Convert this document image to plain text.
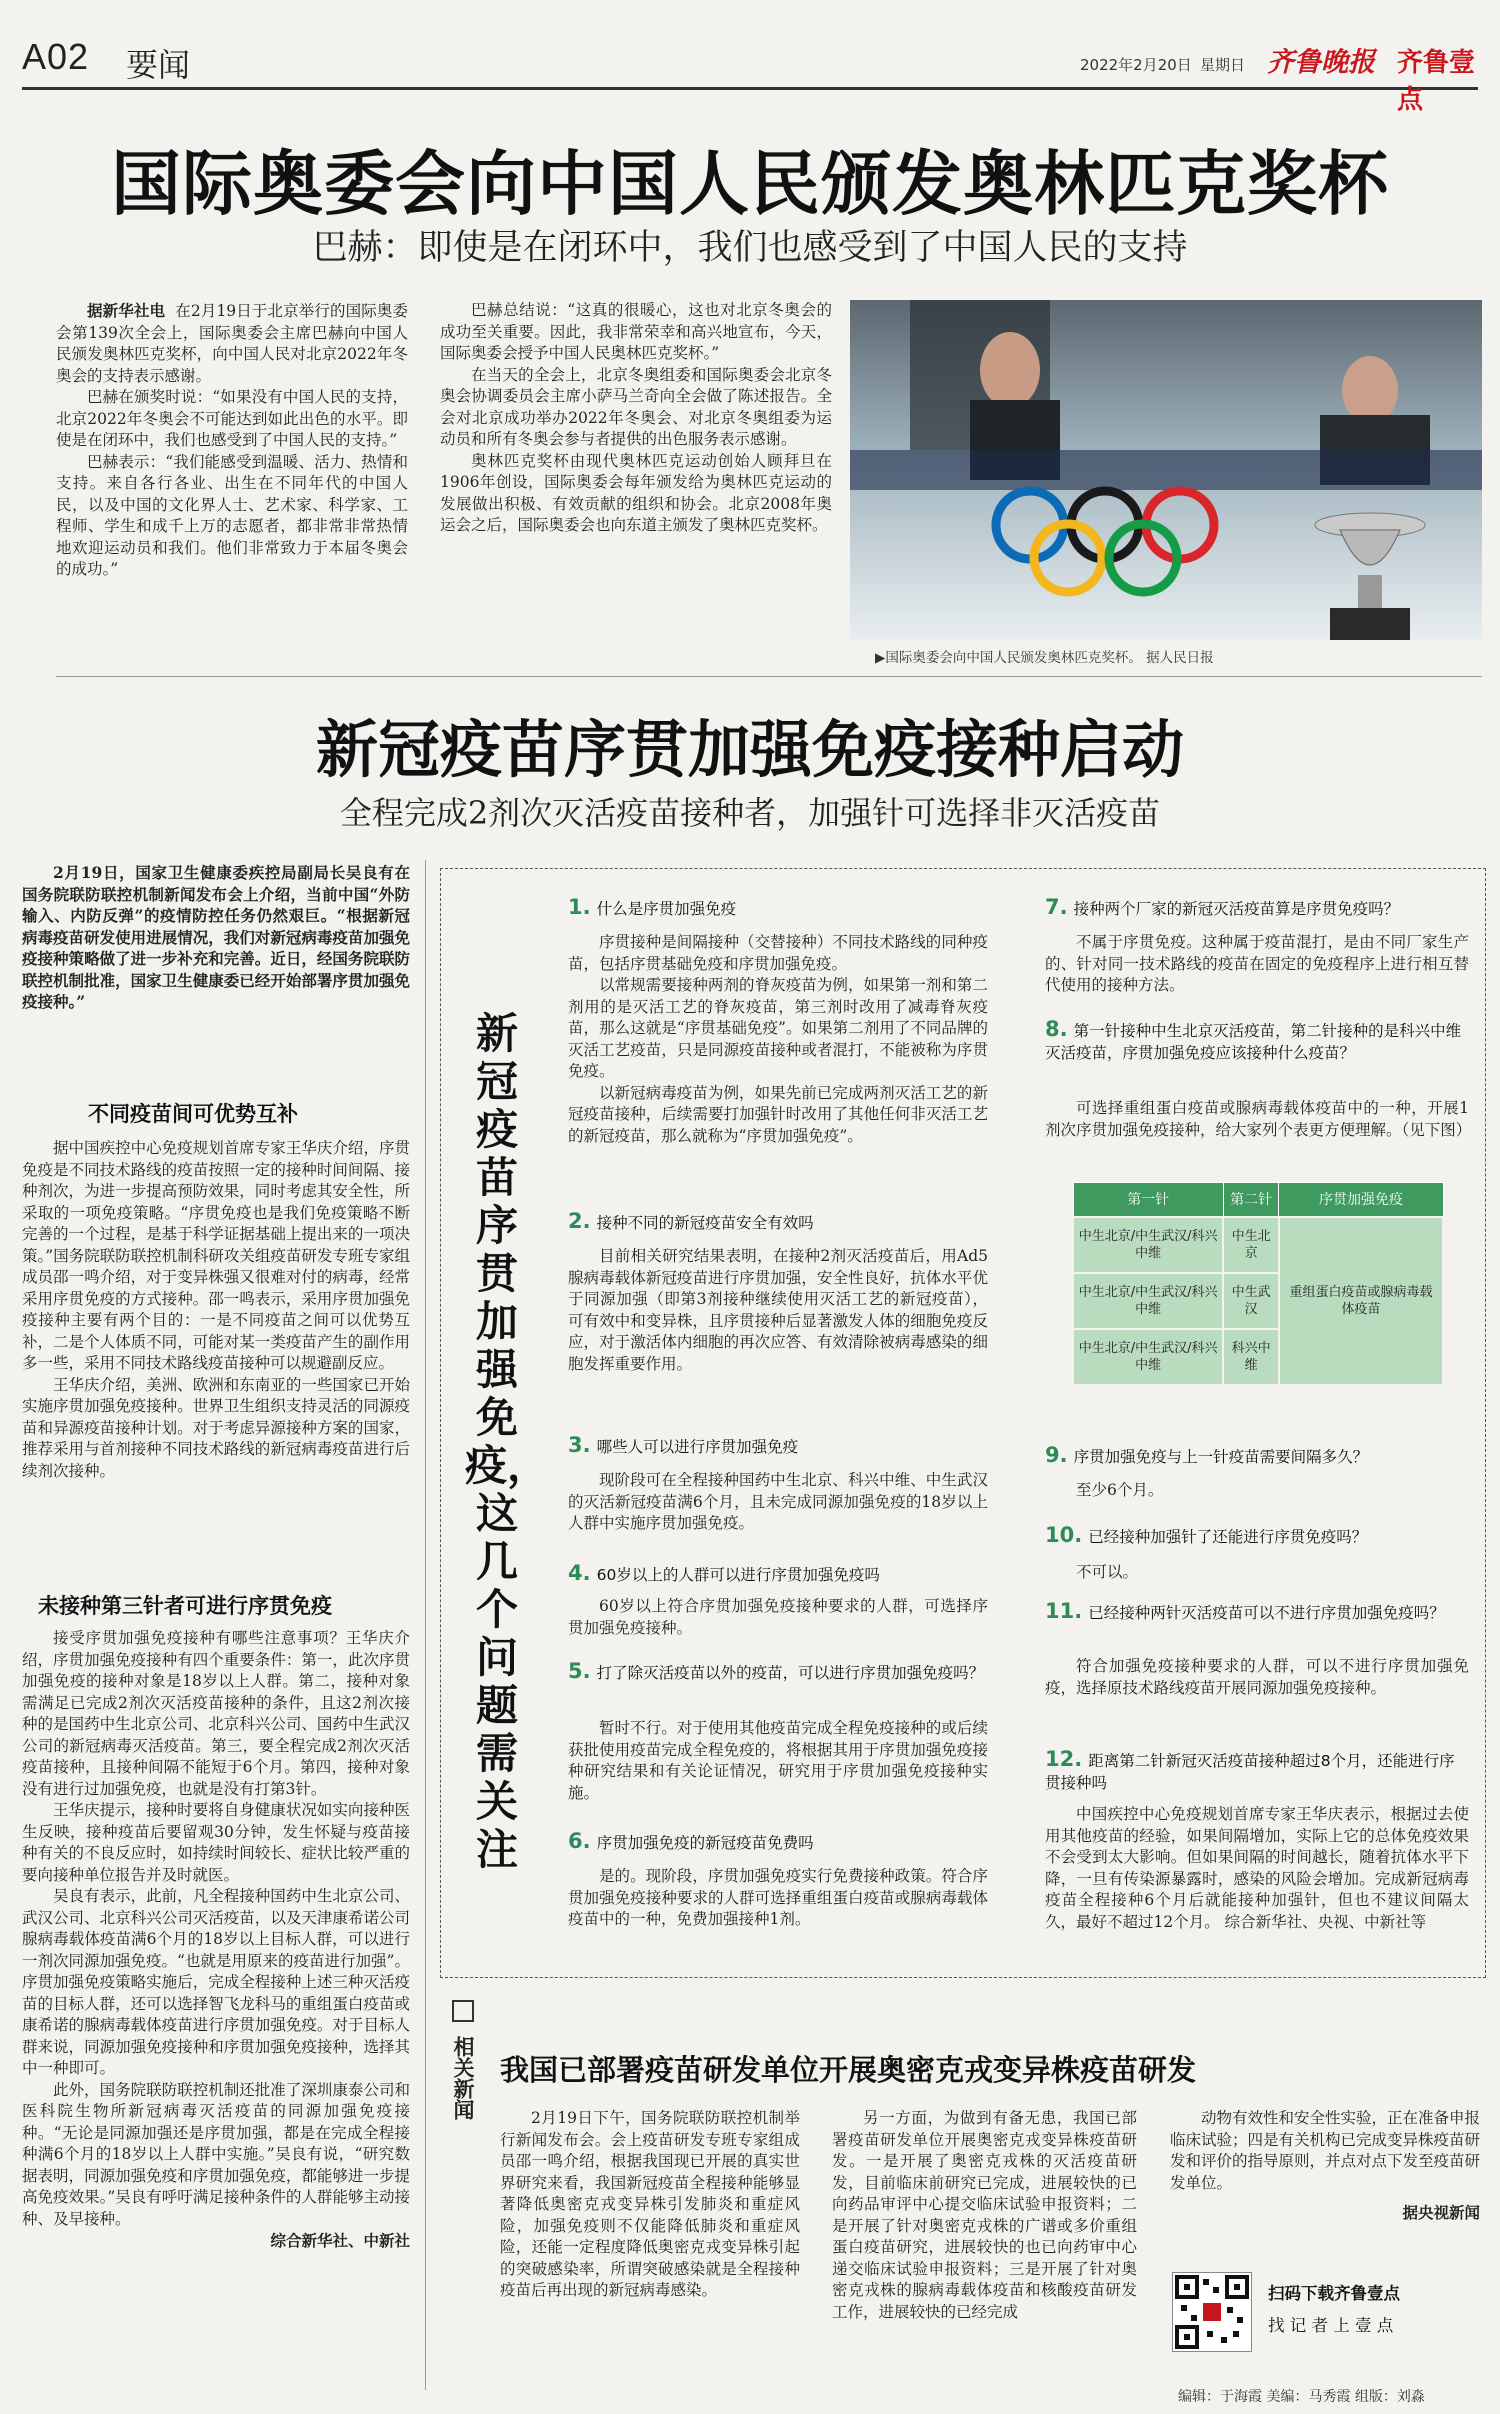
A02 要闻	2022年2月20日 星期日 齐鲁晚报 齐鲁壹点
国际奥委会向中国人民颁发奥林匹克奖杯
巴赫：即使是在闭环中，我们也感受到了中国人民的支持

据新华社电 在2月19日于北京举行的国际奥委会第139次全会上，国际奥委会主席巴赫向中国人民颁发奥林匹克奖杯，向中国人民对北京2022年冬奥会的支持表示感谢。

巴赫在颁奖时说：“如果没有中国人民的支持，北京2022年冬奥会不可能达到如此出色的水平。即使是在闭环中，我们也感受到了中国人民的支持。”

巴赫表示：“我们能感受到温暖、活力、热情和支持。来自各行各业、出生在不同年代的中国人民，以及中国的文化界人士、艺术家、科学家、工程师、学生和成千上万的志愿者，都非常非常热情地欢迎运动员和我们。他们非常致力于本届冬奥会的成功。”

巴赫总结说：“这真的很暖心，这也对北京冬奥会的成功至关重要。因此，我非常荣幸和高兴地宣布，今天，国际奥委会授予中国人民奥林匹克奖杯。”

在当天的全会上，北京冬奥组委和国际奥委会北京冬奥会协调委员会主席小萨马兰奇向全会做了陈述报告。全会对北京成功举办2022年冬奥会、对北京冬奥组委为运动员和所有冬奥会参与者提供的出色服务表示感谢。

奥林匹克奖杯由现代奥林匹克运动创始人顾拜旦在1906年创设，国际奥委会每年颁发给为奥林匹克运动的发展做出积极、有效贡献的组织和协会。北京2008年奥运会之后，国际奥委会也向东道主颁发了奥林匹克奖杯。

▶国际奥委会向中国人民颁发奥林匹克奖杯。 据人民日报
新冠疫苗序贯加强免疫接种启动
全程完成2剂次灭活疫苗接种者，加强针可选择非灭活疫苗

2月19日，国家卫生健康委疾控局副局长吴良有在国务院联防联控机制新闻发布会上介绍，当前中国“外防输入、内防反弹”的疫情防控任务仍然艰巨。“根据新冠病毒疫苗研发使用进展情况，我们对新冠病毒疫苗加强免疫接种策略做了进一步补充和完善。近日，经国务院联防联控机制批准，国家卫生健康委已经开始部署序贯加强免疫接种。”

不同疫苗间可优势互补

据中国疾控中心免疫规划首席专家王华庆介绍，序贯免疫是不同技术路线的疫苗按照一定的接种时间间隔、接种剂次，为进一步提高预防效果，同时考虑其安全性，所采取的一项免疫策略。“序贯免疫也是我们免疫策略不断完善的一个过程，是基于科学证据基础上提出来的一项决策。”国务院联防联控机制科研攻关组疫苗研发专班专家组成员邵一鸣介绍，对于变异株强又很难对付的病毒，经常采用序贯免疫的方式接种。邵一鸣表示，采用序贯加强免疫接种主要有两个目的：一是不同疫苗之间可以优势互补，二是个人体质不同，可能对某一类疫苗产生的副作用多一些，采用不同技术路线疫苗接种可以规避副反应。

王华庆介绍，美洲、欧洲和东南亚的一些国家已开始实施序贯加强免疫接种。世界卫生组织支持灵活的同源疫苗和异源疫苗接种计划。对于考虑异源接种方案的国家，推荐采用与首剂接种不同技术路线的新冠病毒疫苗进行后续剂次接种。

未接种第三针者可进行序贯免疫

接受序贯加强免疫接种有哪些注意事项？王华庆介绍，序贯加强免疫接种有四个重要条件：第一，此次序贯加强免疫的接种对象是18岁以上人群。第二，接种对象需满足已完成2剂次灭活疫苗接种的条件，且这2剂次接种的是国药中生北京公司、北京科兴公司、国药中生武汉公司的新冠病毒灭活疫苗。第三，要全程完成2剂次灭活疫苗接种，且接种间隔不能短于6个月。第四，接种对象没有进行过加强免疫，也就是没有打第3针。

王华庆提示，接种时要将自身健康状况如实向接种医生反映，接种疫苗后要留观30分钟，发生怀疑与疫苗接种有关的不良反应时，如持续时间较长、症状比较严重的要向接种单位报告并及时就医。

吴良有表示，此前，凡全程接种国药中生北京公司、武汉公司、北京科兴公司灭活疫苗，以及天津康希诺公司腺病毒载体疫苗满6个月的18岁以上目标人群，可以进行一剂次同源加强免疫。“也就是用原来的疫苗进行加强”。序贯加强免疫策略实施后，完成全程接种上述三种灭活疫苗的目标人群，还可以选择智飞龙科马的重组蛋白疫苗或康希诺的腺病毒载体疫苗进行序贯加强免疫。对于目标人群来说，同源加强免疫接种和序贯加强免疫接种，选择其中一种即可。

此外，国务院联防联控机制还批准了深圳康泰公司和医科院生物所新冠病毒灭活疫苗的同源加强免疫接种。“无论是同源加强还是序贯加强，都是在完成全程接种满6个月的18岁以上人群中实施。”吴良有说，“研究数据表明，同源加强免疫和序贯加强免疫，都能够进一步提高免疫效果。”吴良有呼吁满足接种条件的人群能够主动接种、及早接种。

综合新华社、中新社

新冠疫苗序贯加强免疫，这几个问题需关注
1. 什么是序贯加强免疫

序贯接种是间隔接种（交替接种）不同技术路线的同种疫苗，包括序贯基础免疫和序贯加强免疫。

以常规需要接种两剂的脊灰疫苗为例，如果第一剂和第二剂用的是灭活工艺的脊灰疫苗，第三剂时改用了减毒脊灰疫苗，那么这就是“序贯基础免疫”。如果第二剂用了不同品牌的灭活工艺疫苗，只是同源疫苗接种或者混打，不能被称为序贯免疫。

以新冠病毒疫苗为例，如果先前已完成两剂灭活工艺的新冠疫苗接种，后续需要打加强针时改用了其他任何非灭活工艺的新冠疫苗，那么就称为“序贯加强免疫”。

2. 接种不同的新冠疫苗安全有效吗

目前相关研究结果表明，在接种2剂灭活疫苗后，用Ad5腺病毒载体新冠疫苗进行序贯加强，安全性良好，抗体水平优于同源加强（即第3剂接种继续使用灭活工艺的新冠疫苗），可有效中和变异株，且序贯接种后显著激发人体的细胞免疫反应，对于激活体内细胞的再次应答、有效清除被病毒感染的细胞发挥重要作用。

3. 哪些人可以进行序贯加强免疫

现阶段可在全程接种国药中生北京、科兴中维、中生武汉的灭活新冠疫苗满6个月，且未完成同源加强免疫的18岁以上人群中实施序贯加强免疫。

4. 60岁以上的人群可以进行序贯加强免疫吗

60岁以上符合序贯加强免疫接种要求的人群，可选择序贯加强免疫接种。

5. 打了除灭活疫苗以外的疫苗，可以进行序贯加强免疫吗？

暂时不行。对于使用其他疫苗完成全程免疫接种的或后续获批使用疫苗完成全程免疫的，将根据其用于序贯加强免疫接种研究结果和有关论证情况，研究用于序贯加强免疫接种实施。

6. 序贯加强免疫的新冠疫苗免费吗

是的。现阶段，序贯加强免疫实行免费接种政策。符合序贯加强免疫接种要求的人群可选择重组蛋白疫苗或腺病毒载体疫苗中的一种，免费加强接种1剂。

7. 接种两个厂家的新冠灭活疫苗算是序贯免疫吗？

不属于序贯免疫。这种属于疫苗混打，是由不同厂家生产的、针对同一技术路线的疫苗在固定的免疫程序上进行相互替代使用的接种方法。

8. 第一针接种中生北京灭活疫苗，第二针接种的是科兴中维灭活疫苗，序贯加强免疫应该接种什么疫苗？

可选择重组蛋白疫苗或腺病毒载体疫苗中的一种，开展1剂次序贯加强免疫接种，给大家列个表更方便理解。（见下图）

第一针	第二针	序贯加强免疫
中生北京/中生武汉/科兴中维	中生北京	重组蛋白疫苗或腺病毒载体疫苗
中生北京/中生武汉/科兴中维	中生武汉	
中生北京/中生武汉/科兴中维	科兴中维	
9. 序贯加强免疫与上一针疫苗需要间隔多久？

至少6个月。

10. 已经接种加强针了还能进行序贯免疫吗？

不可以。

11. 已经接种两针灭活疫苗可以不进行序贯加强免疫吗？

符合加强免疫接种要求的人群，可以不进行序贯加强免疫，选择原技术路线疫苗开展同源加强免疫接种。

12. 距离第二针新冠灭活疫苗接种超过8个月，还能进行序贯接种吗

中国疾控中心免疫规划首席专家王华庆表示，根据过去使用其他疫苗的经验，如果间隔增加，实际上它的总体免疫效果不会受到太大影响。但如果间隔的时间越长，随着抗体水平下降，一旦有传染源暴露时，感染的风险会增加。完成新冠病毒疫苗全程接种6个月后就能接种加强针，但也不建议间隔太久，最好不超过12个月。 综合新华社、央视、中新社等

相关新闻 我国已部署疫苗研发单位开展奥密克戎变异株疫苗研发

2月19日下午，国务院联防联控机制举行新闻发布会。会上疫苗研发专班专家组成员邵一鸣介绍，根据我国现已开展的真实世界研究来看，我国新冠疫苗全程接种能够显著降低奥密克戎变异株引发肺炎和重症风险，加强免疫则不仅能降低肺炎和重症风险，还能一定程度降低奥密克戎变异株引起的突破感染率，所谓突破感染就是全程接种疫苗后再出现的新冠病毒感染。

另一方面，为做到有备无患，我国已部署疫苗研发单位开展奥密克戎变异株疫苗研发。一是开展了奥密克戎株的灭活疫苗研发，目前临床前研究已完成，进展较快的已向药品审评中心提交临床试验申报资料；二是开展了针对奥密克戎株的广谱或多价重组蛋白疫苗研究，进展较快的也已向药审中心递交临床试验申报资料；三是开展了针对奥密克戎株的腺病毒载体疫苗和核酸疫苗研发工作，进展较快的已经完成

动物有效性和安全性实验，正在准备申报临床试验；四是有关机构已完成变异株疫苗研发和评价的指导原则，并点对点下发至疫苗研发单位。

据央视新闻

扫码下载齐鲁壹点
找 记 者 上 壹 点
编辑：于海霞 美编：马秀霞 组版：刘淼
